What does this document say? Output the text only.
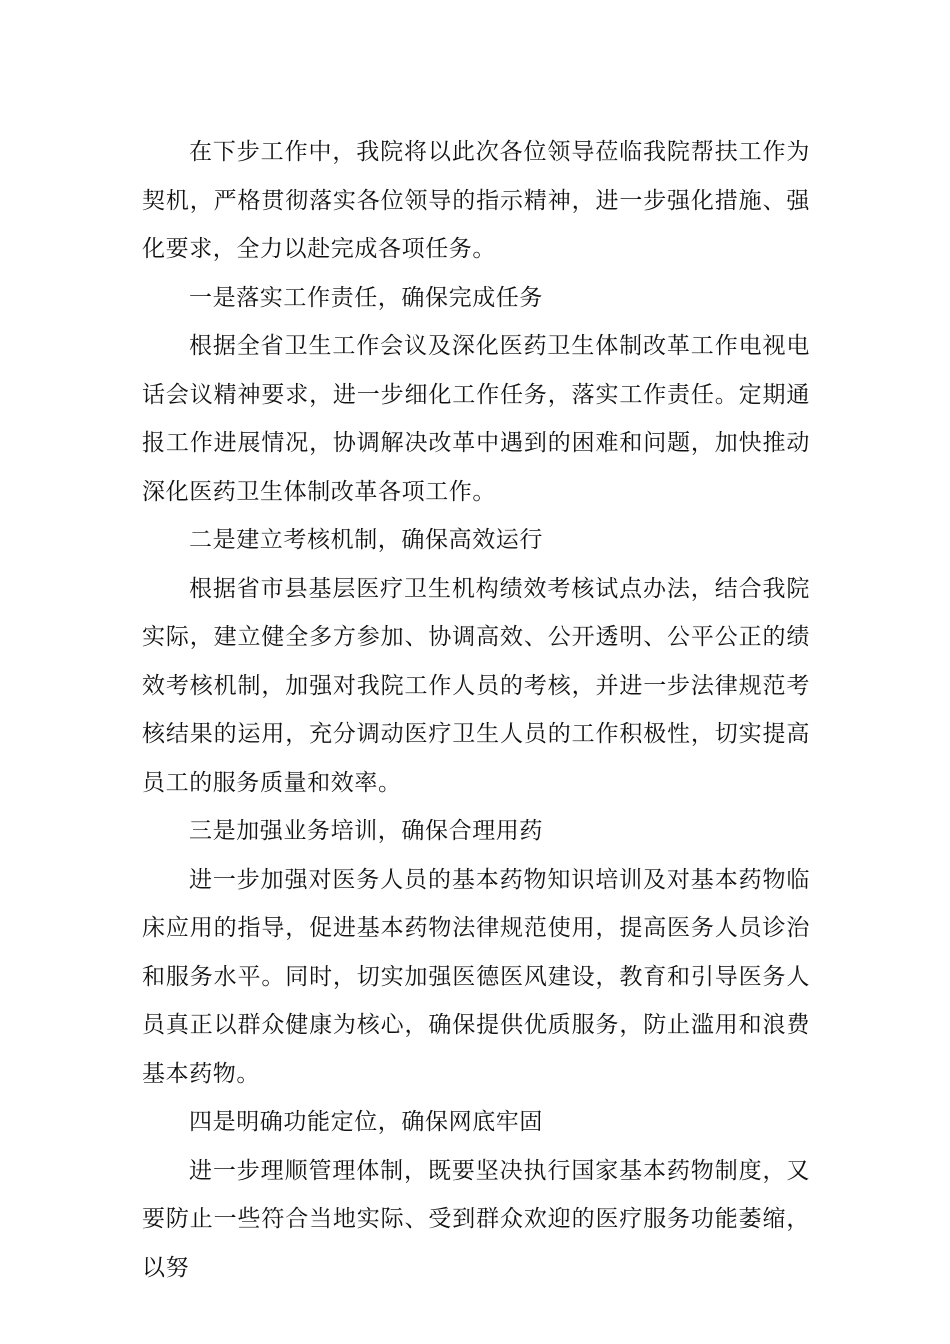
在下步工作中，我院将以此次各位领导莅临我院帮扶工作为契机，严格贯彻落实各位领导的指示精神，进一步强化措施、强化要求，全力以赴完成各项任务。

一是落实工作责任，确保完成任务

根据全省卫生工作会议及深化医药卫生体制改革工作电视电话会议精神要求，进一步细化工作任务，落实工作责任。定期通报工作进展情况，协调解决改革中遇到的困难和问题，加快推动深化医药卫生体制改革各项工作。

二是建立考核机制，确保高效运行

根据省市县基层医疗卫生机构绩效考核试点办法，结合我院实际，建立健全多方参加、协调高效、公开透明、公平公正的绩效考核机制，加强对我院工作人员的考核，并进一步法律规范考核结果的运用，充分调动医疗卫生人员的工作积极性，切实提高员工的服务质量和效率。

三是加强业务培训，确保合理用药

进一步加强对医务人员的基本药物知识培训及对基本药物临床应用的指导，促进基本药物法律规范使用，提高医务人员诊治和服务水平。同时，切实加强医德医风建设，教育和引导医务人员真正以群众健康为核心，确保提供优质服务，防止滥用和浪费基本药物。

四是明确功能定位，确保网底牢固

进一步理顺管理体制，既要坚决执行国家基本药物制度，又要防止一些符合当地实际、受到群众欢迎的医疗服务功能萎缩，以努
